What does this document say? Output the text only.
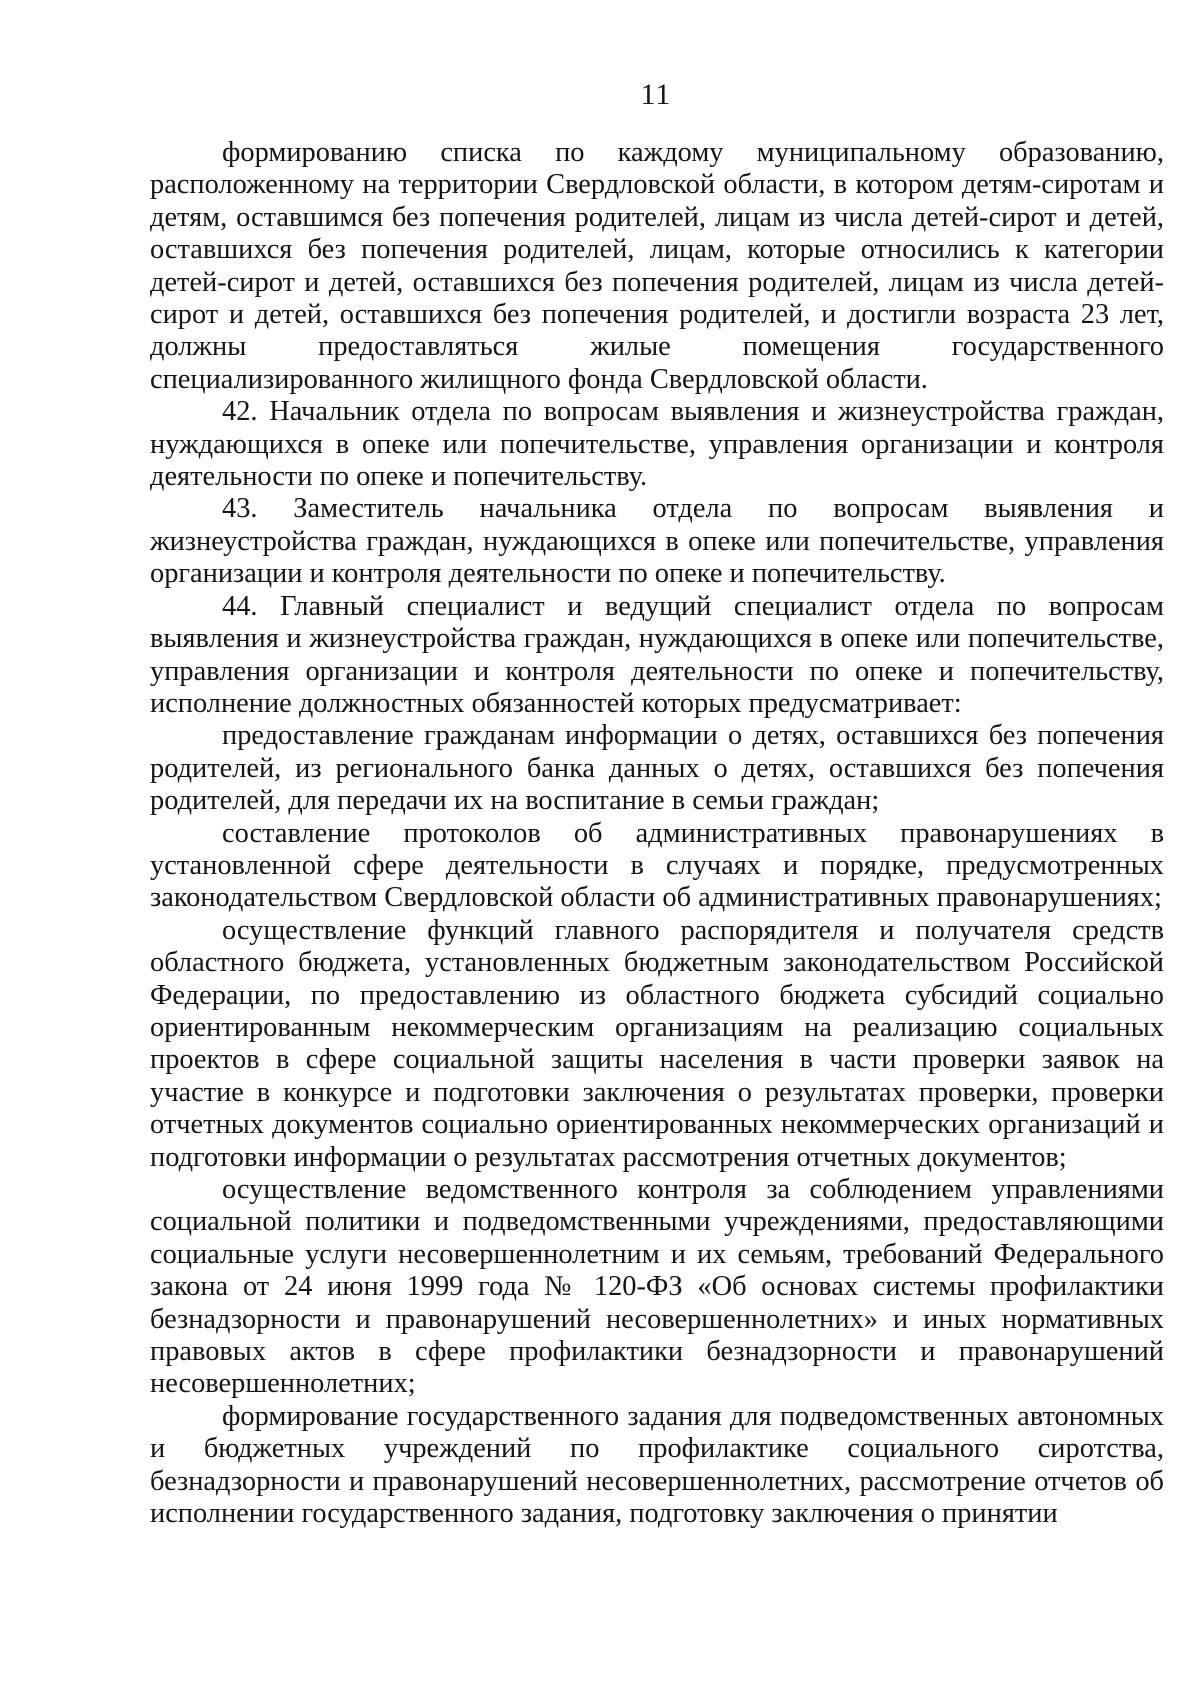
11

формированию списка по каждому муниципальному образованию, расположенному на территории Свердловской области, в котором детям-сиротам и детям, оставшимся без попечения родителей, лицам из числа детей-сирот и детей, оставшихся без попечения родителей, лицам, которые относились к категории детей-сирот и детей, оставшихся без попечения родителей, лицам из числа детей-сирот и детей, оставшихся без попечения родителей, и достигли возраста 23 лет, должны предоставляться жилые помещения государственного специализированного жилищного фонда Свердловской области.

42. Начальник отдела по вопросам выявления и жизнеустройства граждан, нуждающихся в опеке или попечительстве, управления организации и контроля деятельности по опеке и попечительству.

43. Заместитель начальника отдела по вопросам выявления и жизнеустройства граждан, нуждающихся в опеке или попечительстве, управления организации и контроля деятельности по опеке и попечительству.

44. Главный специалист и ведущий специалист отдела по вопросам выявления и жизнеустройства граждан, нуждающихся в опеке или попечительстве, управления организации и контроля деятельности по опеке и попечительству, исполнение должностных обязанностей которых предусматривает:

предоставление гражданам информации о детях, оставшихся без попечения родителей, из регионального банка данных о детях, оставшихся без попечения родителей, для передачи их на воспитание в семьи граждан;

составление протоколов об административных правонарушениях в установленной сфере деятельности в случаях и порядке, предусмотренных законодательством Свердловской области об административных правонарушениях;

осуществление функций главного распорядителя и получателя средств областного бюджета, установленных бюджетным законодательством Российской Федерации, по предоставлению из областного бюджета субсидий социально ориентированным некоммерческим организациям на реализацию социальных проектов в сфере социальной защиты населения в части проверки заявок на участие в конкурсе и подготовки заключения о результатах проверки, проверки отчетных документов социально ориентированных некоммерческих организаций и подготовки информации о результатах рассмотрения отчетных документов;

осуществление ведомственного контроля за соблюдением управлениями социальной политики и подведомственными учреждениями, предоставляющими социальные услуги несовершеннолетним и их семьям, требований Федерального закона от 24 июня 1999 года № 120-ФЗ «Об основах системы профилактики безнадзорности и правонарушений несовершеннолетних» и иных нормативных правовых актов в сфере профилактики безнадзорности и правонарушений несовершеннолетних;

формирование государственного задания для подведомственных автономных и бюджетных учреждений по профилактике социального сиротства, безнадзорности и правонарушений несовершеннолетних, рассмотрение отчетов об исполнении государственного задания, подготовку заключения о принятии
